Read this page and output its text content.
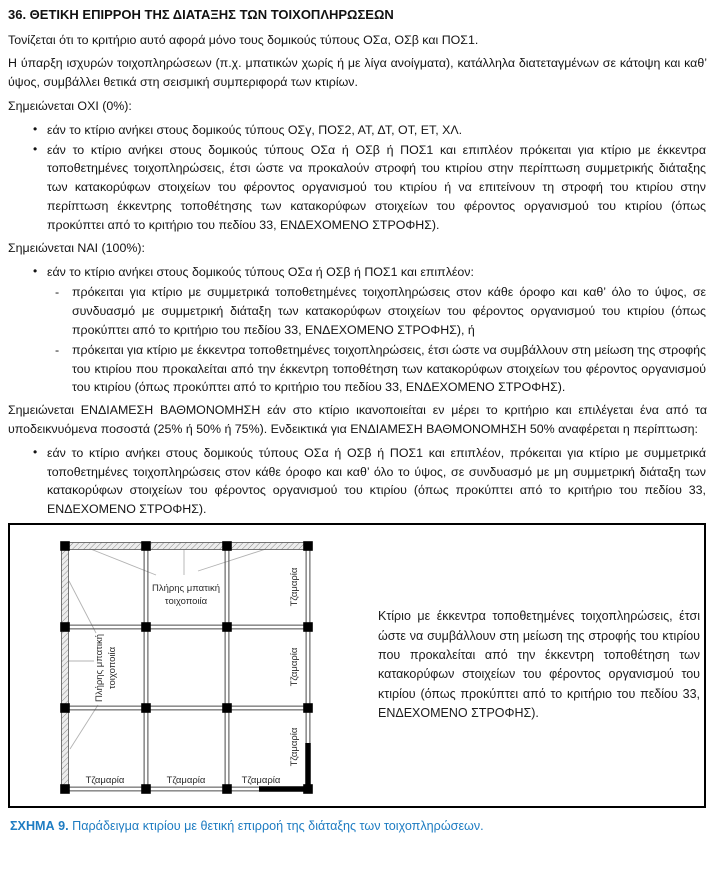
36. ΘΕΤΙΚΗ ΕΠΙΡΡΟΗ ΤΗΣ ΔΙΑΤΑΞΗΣ ΤΩΝ ΤΟΙΧΟΠΛΗΡΩΣΕΩΝ

Τονίζεται ότι το κριτήριο αυτό αφορά μόνο τους δομικούς τύπους ΟΣα, ΟΣβ και ΠΟΣ1.

Η ύπαρξη ισχυρών τοιχοπληρώσεων (π.χ. μπατικών χωρίς ή με λίγα ανοίγματα), κατάλληλα διατεταγμένων σε κάτοψη και καθ’ ύψος, συμβάλλει θετικά στη σεισμική συμπεριφορά των κτιρίων.

Σημειώνεται ΟΧΙ (0%):

• εάν το κτίριο ανήκει στους δομικούς τύπους ΟΣγ, ΠΟΣ2, ΑΤ, ΔΤ, ΟΤ, ΕΤ, ΧΛ.
• εάν το κτίριο ανήκει στους δομικούς τύπους ΟΣα ή ΟΣβ ή ΠΟΣ1 και επιπλέον πρόκειται για κτίριο με έκκεντρα τοποθετημένες τοιχοπληρώσεις, έτσι ώστε να προκαλούν στροφή του κτιρίου στην περίπτωση συμμετρικής διάταξης των κατακορύφων στοιχείων του φέροντος οργανισμού του κτιρίου ή να επιτείνουν τη στροφή του κτιρίου στην περίπτωση έκκεντρης τοποθέτησης των κατακορύφων στοιχείων του φέροντος οργανισμού του κτιρίου (όπως προκύπτει από το κριτήριο του πεδίου 33, ΕΝΔΕΧΟΜΕΝΟ ΣΤΡΟΦΗΣ).

Σημειώνεται ΝΑΙ (100%):

• εάν το κτίριο ανήκει στους δομικούς τύπους ΟΣα ή ΟΣβ ή ΠΟΣ1 και επιπλέον:
- πρόκειται για κτίριο με συμμετρικά τοποθετημένες τοιχοπληρώσεις στον κάθε όροφο και καθ’ όλο το ύψος, σε συνδυασμό με συμμετρική διάταξη των κατακορύφων στοιχείων του φέροντος οργανισμού του κτιρίου (όπως προκύπτει από το κριτήριο του πεδίου 33, ΕΝΔΕΧΟΜΕΝΟ ΣΤΡΟΦΗΣ), ή
- πρόκειται για κτίριο με έκκεντρα τοποθετημένες τοιχοπληρώσεις, έτσι ώστε να συμβάλλουν στη μείωση της στροφής του κτιρίου που προκαλείται από την έκκεντρη τοποθέτηση των κατακορύφων στοιχείων του φέροντος οργανισμού του κτιρίου (όπως προκύπτει από το κριτήριο του πεδίου 33, ΕΝΔΕΧΟΜΕΝΟ ΣΤΡΟΦΗΣ).

Σημειώνεται ΕΝΔΙΑΜΕΣΗ ΒΑΘΜΟΝΟΜΗΣΗ εάν στο κτίριο ικανοποιείται εν μέρει το κριτήριο και επιλέγεται ένα από τα υποδεικνυόμενα ποσοστά (25% ή 50% ή 75%). Ενδεικτικά για ΕΝΔΙΑΜΕΣΗ ΒΑΘΜΟΝΟΜΗΣΗ 50% αναφέρεται η περίπτωση:

• εάν το κτίριο ανήκει στους δομικούς τύπους ΟΣα ή ΟΣβ ή ΠΟΣ1 και επιπλέον, πρόκειται για κτίριο με συμμετρικά τοποθετημένες τοιχοπληρώσεις στον κάθε όροφο και καθ’ όλο το ύψος, σε συνδυασμό με μη συμμετρική διάταξη των κατακορύφων στοιχείων του φέροντος οργανισμού του κτιρίου (όπως προκύπτει από το κριτήριο του πεδίου 33, ΕΝΔΕΧΟΜΕΝΟ ΣΤΡΟΦΗΣ).
Πλήρης μπατική
τοιχοποιία
Πλήρης μπατική τοιχοποιία
Τζαμαρία
Τζαμαρία
Τζαμαρία
Τζαμαρία	Τζαμαρία	Τζαμαρία
Κτίριο με έκκεντρα τοποθετημένες τοιχοπληρώσεις, έτσι ώστε να συμβάλλουν στη μείωση της στροφής του κτιρίου που προκαλείται από την έκκεντρη τοποθέτηση των κατακορύφων στοιχείων του φέροντος οργανισμού του κτιρίου (όπως προκύπτει από το κριτήριο του πεδίου 33, ΕΝΔΕΧΟΜΕΝΟ ΣΤΡΟΦΗΣ).

ΣΧΗΜΑ 9. Παράδειγμα κτιρίου με θετική επιρροή της διάταξης των τοιχοπληρώσεων.
